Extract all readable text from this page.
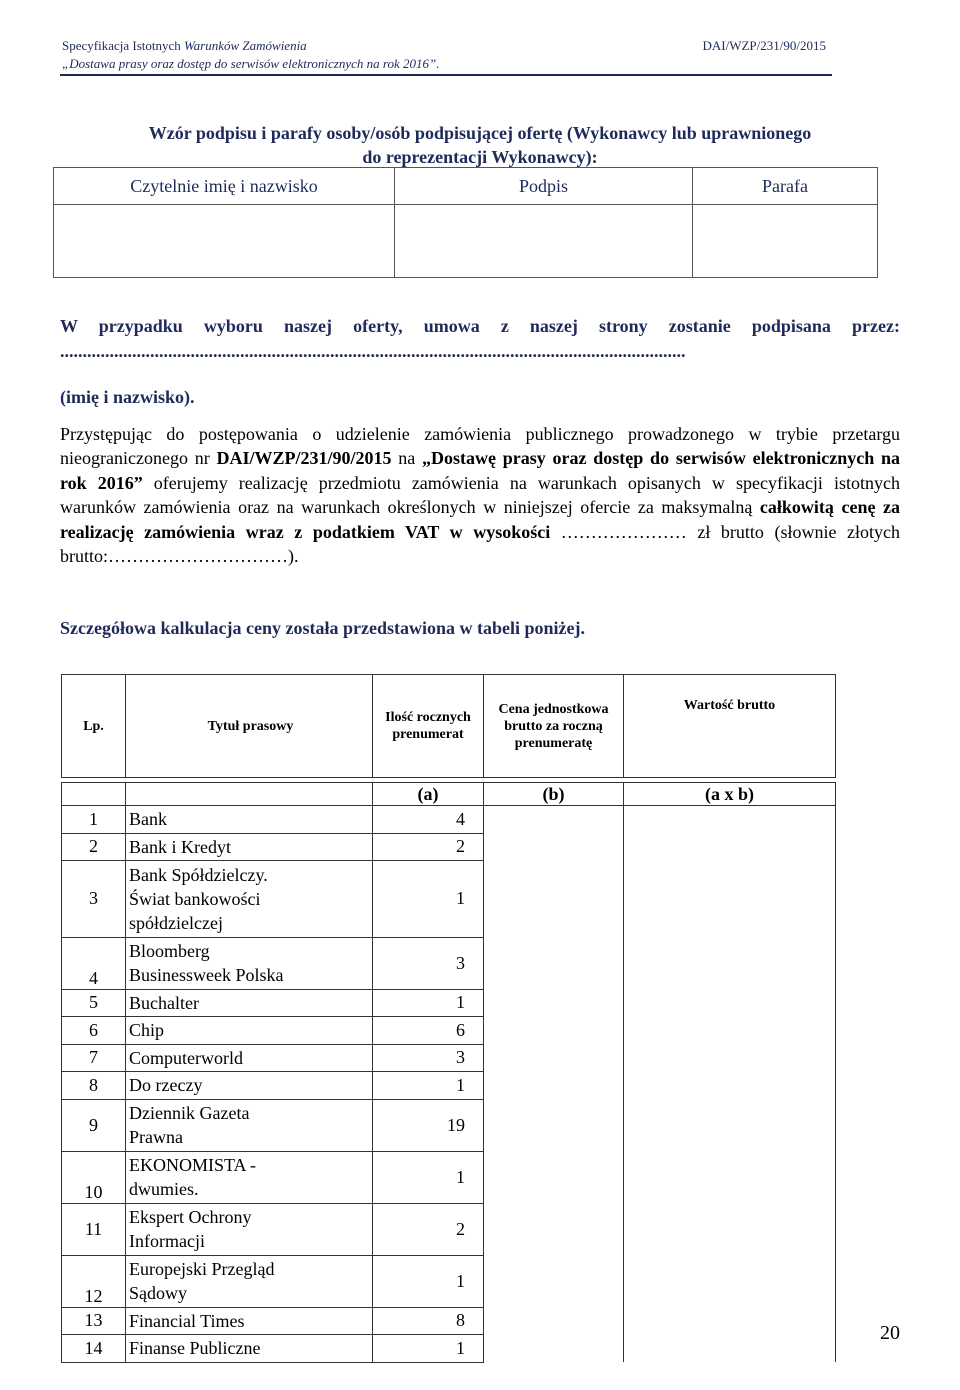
Specyfikacja Istotnych Warunków Zamówienia
„Dostawa prasy oraz dostęp do serwisów elektronicznych na rok 2016”.
DAI/WZP/231/90/2015
Wzór podpisu i parafy osoby/osób podpisującej ofertę (Wykonawcy lub uprawnionego
do reprezentacji Wykonawcy):
Czytelnie imię i nazwisko	Podpis	Parafa

W przypadku wyboru naszej oferty, umowa z naszej strony zostanie podpisana przez:
...........................................................................................................................................
(imię i nazwisko).
Przystępując do postępowania o udzielenie zamówienia publicznego prowadzonego w trybie przetargu nieograniczonego nr DAI/WZP/231/90/2015 na „Dostawę prasy oraz dostęp do serwisów elektronicznych na rok 2016” oferujemy realizację przedmiotu zamówienia na warunkach opisanych w specyfikacji istotnych warunków zamówienia oraz na warunkach określonych w niniejszej ofercie za maksymalną całkowitą cenę za realizację zamówienia wraz z podatkiem VAT w wysokości ………………… zł brutto (słownie złotych brutto:…………………………).
Szczegółowa kalkulacja ceny została przedstawiona w tabeli poniżej.
Lp.	Tytuł prasowy	Ilość rocznych prenumerat	Cena jednostkowa brutto za roczną prenumeratę	Wartość brutto

		(a)	(b)	(a x b)
1	Bank	4		
2	Bank i Kredyt	2		
3	Bank Spółdzielczy.
Świat bankowości
spółdzielczej	1		
4	Bloomberg
Businessweek Polska	3		
5	Buchalter	1		
6	Chip	6		
7	Computerworld	3		
8	Do rzeczy	1		
9	Dziennik Gazeta
Prawna	19		
10	EKONOMISTA -
dwumies.	1		
11	Ekspert Ochrony
Informacji	2		
12	Europejski Przegląd
Sądowy	1		
13	Financial Times	8		
14	Finanse Publiczne	1		
20
